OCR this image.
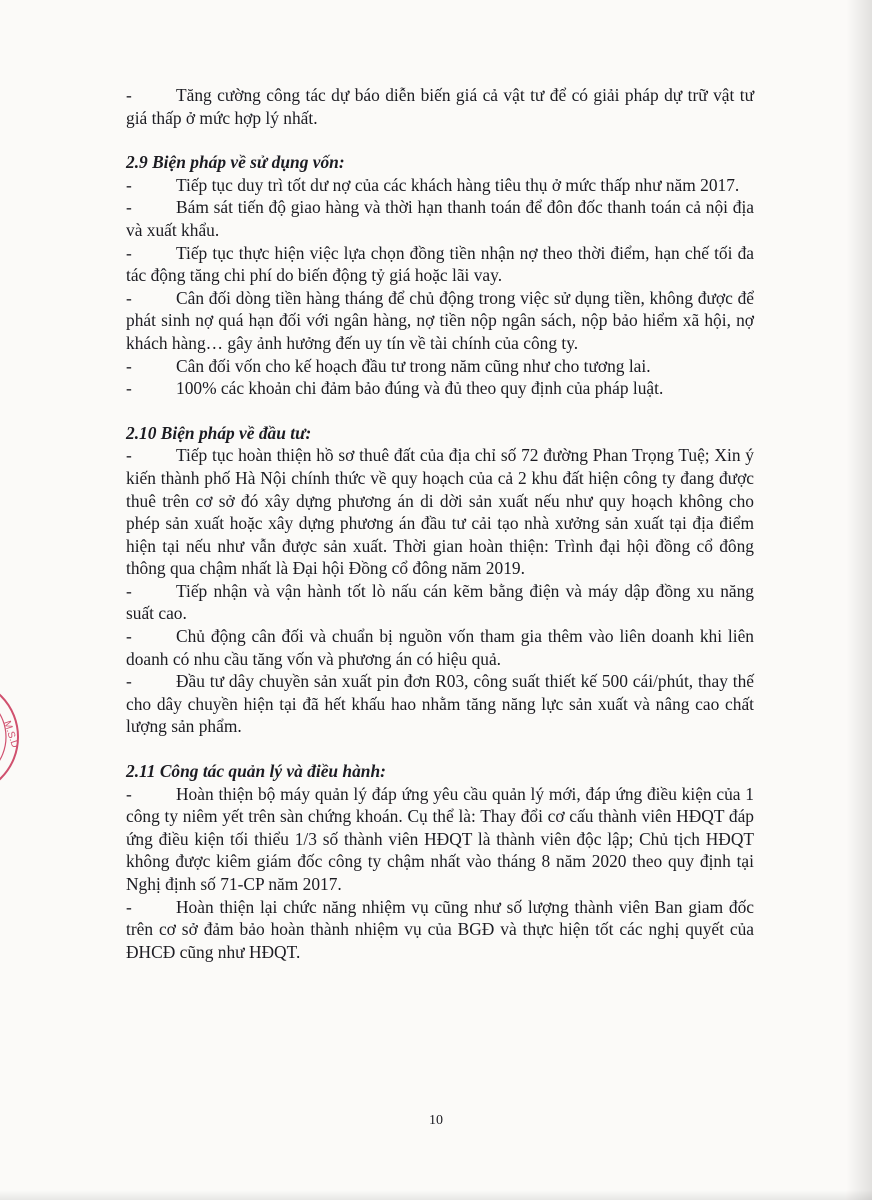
M.S.D

-	Tăng cường công tác dự báo diễn biến giá cả vật tư để có giải pháp dự trữ vật tư giá thấp ở mức hợp lý nhất.

2.9 Biện pháp về sử dụng vốn:

-	Tiếp tục duy trì tốt dư nợ của các khách hàng tiêu thụ ở mức thấp như năm 2017.

-	Bám sát tiến độ giao hàng và thời hạn thanh toán để đôn đốc thanh toán cả nội địa và xuất khẩu.

-	Tiếp tục thực hiện việc lựa chọn đồng tiền nhận nợ theo thời điểm, hạn chế tối đa tác động tăng chi phí do biến động tỷ giá hoặc lãi vay.

-	Cân đối dòng tiền hàng tháng để chủ động trong việc sử dụng tiền, không được để phát sinh nợ quá hạn đối với ngân hàng, nợ tiền nộp ngân sách, nộp bảo hiểm xã hội, nợ khách hàng… gây ảnh hưởng đến uy tín về tài chính của công ty.

-	Cân đối vốn cho kế hoạch đầu tư trong năm cũng như cho tương lai.

-	100% các khoản chi đảm bảo đúng và đủ theo quy định của pháp luật.

2.10 Biện pháp về đầu tư:

-	Tiếp tục hoàn thiện hồ sơ thuê đất của địa chỉ số 72 đường Phan Trọng Tuệ; Xin ý kiến thành phố Hà Nội chính thức về quy hoạch của cả 2 khu đất hiện công ty đang được thuê trên cơ sở đó xây dựng phương án di dời sản xuất nếu như quy hoạch không cho phép sản xuất hoặc xây dựng phương án đầu tư cải tạo nhà xưởng sản xuất tại địa điểm hiện tại nếu như vẫn được sản xuất. Thời gian hoàn thiện: Trình đại hội đồng cổ đông thông qua chậm nhất là Đại hội Đồng cổ đông năm 2019.

-	Tiếp nhận và vận hành tốt lò nấu cán kẽm bằng điện và máy dập đồng xu năng suất cao.

-	Chủ động cân đối và chuẩn bị nguồn vốn tham gia thêm vào liên doanh khi liên doanh có nhu cầu tăng vốn và phương án có hiệu quả.

-	Đầu tư dây chuyền sản xuất pin đơn R03, công suất thiết kế 500 cái/phút, thay thế cho dây chuyền hiện tại đã hết khấu hao nhằm tăng năng lực sản xuất và nâng cao chất lượng sản phẩm.

2.11 Công tác quản lý và điều hành:

-	Hoàn thiện bộ máy quản lý đáp ứng yêu cầu quản lý mới, đáp ứng điều kiện của 1 công ty niêm yết trên sàn chứng khoán. Cụ thể là: Thay đổi cơ cấu thành viên HĐQT đáp ứng điều kiện tối thiểu 1/3 số thành viên HĐQT là thành viên độc lập; Chủ tịch HĐQT không được kiêm giám đốc công ty chậm nhất vào tháng 8 năm 2020 theo quy định tại Nghị định số 71-CP năm 2017.

-	Hoàn thiện lại chức năng nhiệm vụ cũng như số lượng thành viên Ban giam đốc trên cơ sở đảm bảo hoàn thành nhiệm vụ của BGĐ và thực hiện tốt các nghị quyết của ĐHCĐ cũng như HĐQT.

10
